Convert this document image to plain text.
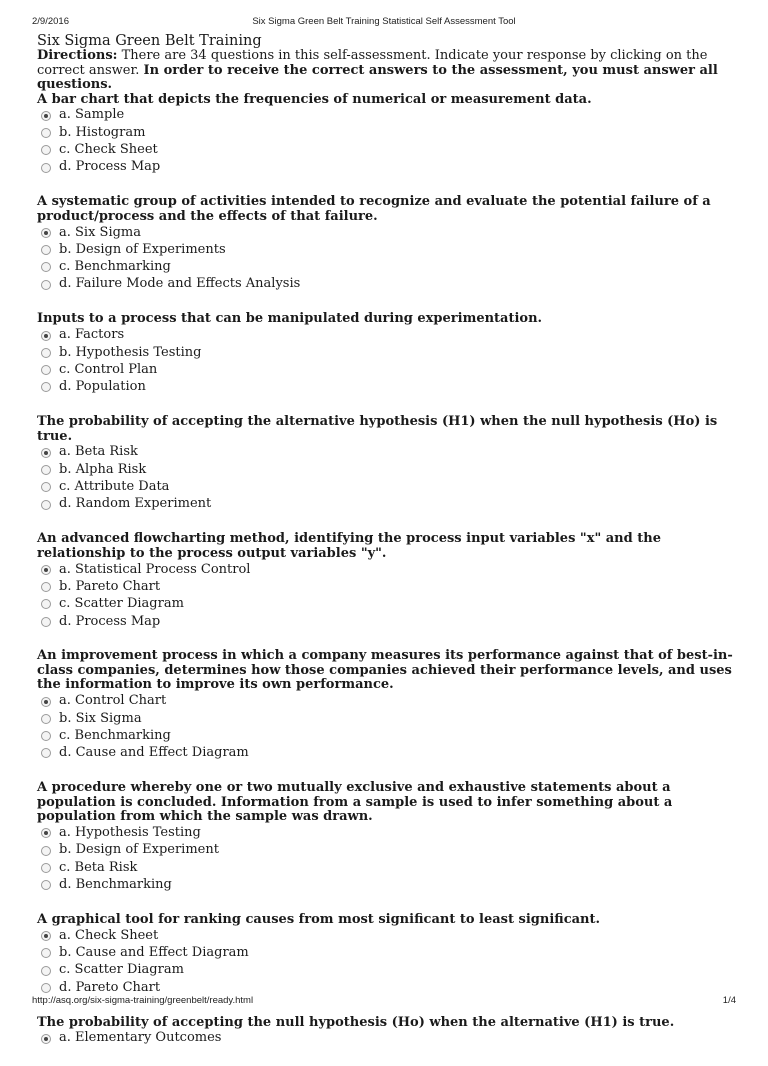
2/9/2016	Six Sigma Green Belt Training Statistical Self Assessment Tool

Six Sigma Green Belt Training

Directions: There are 34 questions in this self-assessment. Indicate your response by clicking on the correct answer. In order to receive the correct answers to the assessment, you must answer all questions.

A bar chart that depicts the frequencies of numerical or measurement data.

a. Sample
b. Histogram
c. Check Sheet
d. Process Map

A systematic group of activities intended to recognize and evaluate the potential failure of a product/process and the effects of that failure.

a. Six Sigma
b. Design of Experiments
c. Benchmarking
d. Failure Mode and Effects Analysis

Inputs to a process that can be manipulated during experimentation.

a. Factors
b. Hypothesis Testing
c. Control Plan
d. Population

The probability of accepting the alternative hypothesis (H1) when the null hypothesis (Ho) is true.

a. Beta Risk
b. Alpha Risk
c. Attribute Data
d. Random Experiment

An advanced flowcharting method, identifying the process input variables "x" and the relationship to the process output variables "y".

a. Statistical Process Control
b. Pareto Chart
c. Scatter Diagram
d. Process Map

An improvement process in which a company measures its performance against that of best-in-class companies, determines how those companies achieved their performance levels, and uses the information to improve its own performance.

a. Control Chart
b. Six Sigma
c. Benchmarking
d. Cause and Effect Diagram

A procedure whereby one or two mutually exclusive and exhaustive statements about a population is concluded. Information from a sample is used to infer something about a population from which the sample was drawn.

a. Hypothesis Testing
b. Design of Experiment
c. Beta Risk
d. Benchmarking

A graphical tool for ranking causes from most significant to least significant.

a. Check Sheet
b. Cause and Effect Diagram
c. Scatter Diagram
d. Pareto Chart

The probability of accepting the null hypothesis (Ho) when the alternative (H1) is true.

a. Elementary Outcomes
http://asq.org/six-sigma-training/greenbelt/ready.html	1/4
